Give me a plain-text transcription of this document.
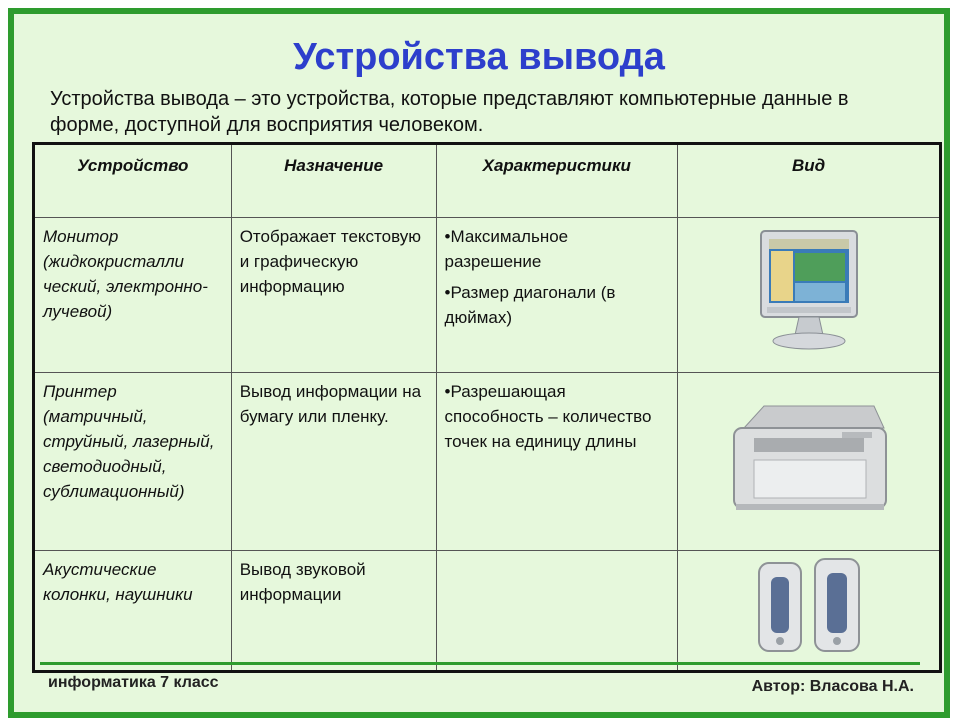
Устройства вывода
Устройства вывода – это устройства, которые представляют компьютерные данные в форме, доступной для восприятия человеком.
Устройство	Назначение	Характеристики	Вид
Монитор (жидкокристалли ческий, электронно-лучевой)	Отображает текстовую и графическую информацию	•Максимальное разрешение
•Размер диагонали (в дюймах)

Принтер (матричный, струйный, лазерный, светодиодный, сублимационный)	Вывод информации на бумагу или пленку.	•Разрешающая способность – количество точек на единицу длины

Акустические колонки, наушники	Вывод звуковой информации		
информатика 7 класс	Автор: Власова Н.А.
